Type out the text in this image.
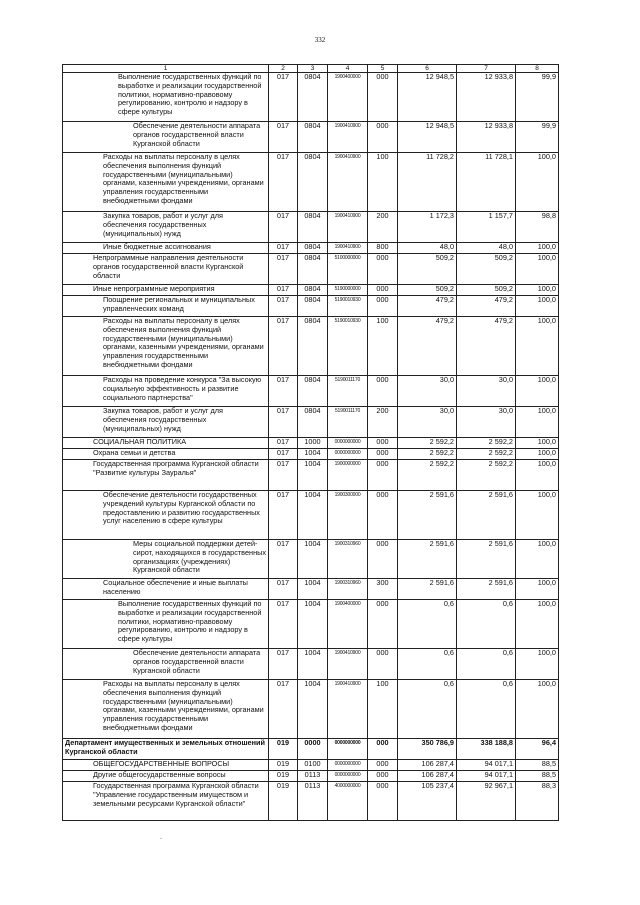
332
1	2	3	4	5	6	7	8
Выполнение государственных функций по выработке и реализации государственной политики, нормативно-правовому регулированию, контролю и надзору в сфере культуры	017	0804	1900400000	000	12 948,5	12 933,8	99,9
Обеспечение деятельности аппарата органов государственной власти Курганской области	017	0804	1900410900	000	12 948,5	12 933,8	99,9
Расходы на выплаты персоналу в целях обеспечения выполнения функций государственными (муниципальными) органами, казенными учреждениями, органами управления государственными внебюджетными фондами	017	0804	1900410900	100	11 728,2	11 728,1	100,0
Закупка товаров, работ и услуг для обеспечения государственных (муниципальных) нужд	017	0804	1900410900	200	1 172,3	1 157,7	98,8
Иные бюджетные ассигнования	017	0804	1900410900	800	48,0	48,0	100,0
Непрограммные направления деятельности органов государственной власти Курганской области	017	0804	5100000000	000	509,2	509,2	100,0
Иные непрограммные мероприятия	017	0804	5190000000	000	509,2	509,2	100,0
Поощрение региональных и муниципальных управленческих команд	017	0804	5190010930	000	479,2	479,2	100,0
Расходы на выплаты персоналу в целях обеспечения выполнения функций государственными (муниципальными) органами, казенными учреждениями, органами управления государственными внебюджетными фондами	017	0804	5190010930	100	479,2	479,2	100,0
Расходы на проведение конкурса "За высокую социальную эффективность и развитие социального партнерства"	017	0804	5190011170	000	30,0	30,0	100,0
Закупка товаров, работ и услуг для обеспечения государственных (муниципальных) нужд	017	0804	5190011170	200	30,0	30,0	100,0
СОЦИАЛЬНАЯ ПОЛИТИКА	017	1000	0000000000	000	2 592,2	2 592,2	100,0
Охрана семьи и детства	017	1004	0000000000	000	2 592,2	2 592,2	100,0
Государственная программа Курганской области "Развитие культуры Зауралья"	017	1004	1900000000	000	2 592,2	2 592,2	100,0
Обеспечение деятельности государственных учреждений культуры Курганской области по предоставлению и развитию государственных услуг населению в сфере культуры	017	1004	1900300000	000	2 591,6	2 591,6	100,0
Меры социальной поддержки детей-сирот, находящихся в государственных организациях (учреждениях) Курганской области	017	1004	1900310960	000	2 591,6	2 591,6	100,0
Социальное обеспечение и иные выплаты населению	017	1004	1900310960	300	2 591,6	2 591,6	100,0
Выполнение государственных функций по выработке и реализации государственной политики, нормативно-правовому регулированию, контролю и надзору в сфере культуры	017	1004	1900400000	000	0,6	0,6	100,0
Обеспечение деятельности аппарата органов государственной власти Курганской области	017	1004	1900410900	000	0,6	0,6	100,0
Расходы на выплаты персоналу в целях обеспечения выполнения функций государственными (муниципальными) органами, казенными учреждениями, органами управления государственными внебюджетными фондами	017	1004	1900410900	100	0,6	0,6	100,0
Департамент имущественных и земельных отношений Курганской области	019	0000	0000000000	000	350 786,9	338 188,8	96,4
ОБЩЕГОСУДАРСТВЕННЫЕ ВОПРОСЫ	019	0100	0000000000	000	106 287,4	94 017,1	88,5
Другие общегосударственные вопросы	019	0113	0000000000	000	106 287,4	94 017,1	88,5
Государственная программа Курганской области "Управление государственным имуществом и земельными ресурсами Курганской области"	019	0113	4000000000	000	105 237,4	92 967,1	88,3
-
